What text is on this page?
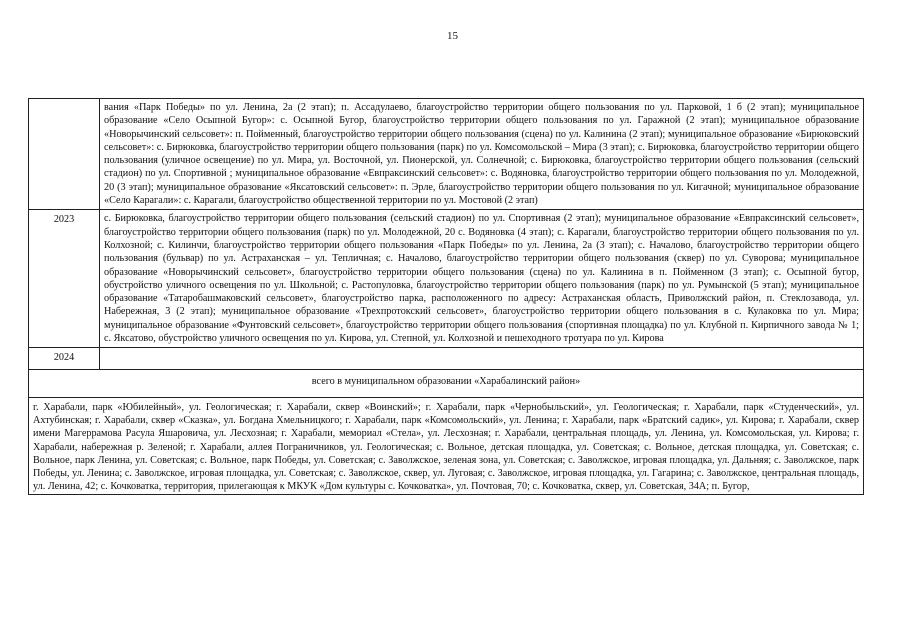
15
	вания «Парк Победы» по ул. Ленина, 2а (2 этап); п. Ассадулаево, благоустройство территории общего пользования по ул. Парковой, 1 б (2 этап); муниципальное образование «Село Осыпной Бугор»: с. Осыпной Бугор, благоустройство территории общего пользования по ул. Гаражной (2 этап); муниципальное образование «Новорычинский сельсовет»: п. Пойменный, благоустройство территории общего пользования (сцена) по ул. Калинина (2 этап); муниципальное образование «Бирюковский сельсовет»: с. Бирюковка, благоустройство территории общего пользования (парк) по ул. Комсомольской – Мира (3 этап); с. Бирюковка, благоустройство территории общего пользования (уличное освещение) по ул. Мира, ул. Восточной, ул. Пионерской, ул. Солнечной; с. Бирюковка, благоустройство территории общего пользования (сельский стадион) по ул. Спортивной ; муниципальное образование «Евпраксинский сельсовет»: с. Водяновка, благоустройство территории общего пользования по ул. Молодежной, 20 (3 этап); муниципальное образование «Яксатовский сельсовет»: п. Эрле, благоустройство территории общего пользования по ул. Кигачной; муниципальное образование «Село Карагали»: с. Карагали, благоустройство общественной территории по ул. Мостовой (2 этап)
2023	с. Бирюковка, благоустройство территории общего пользования (сельский стадион) по ул. Спортивная (2 этап); муниципальное образование «Евпраксинский сельсовет», благоустройство территории общего пользования (парк) по ул. Молодежной, 20 с. Водяновка (4 этап); с. Карагали, благоустройство территории общего пользования по ул. Колхозной; с. Килинчи, благоустройство территории общего пользования «Парк Победы» по ул. Ленина, 2а (3 этап); с. Началово, благоустройство территории общего пользования (бульвар) по ул. Астраханская – ул. Тепличная; с. Началово, благоустройство территории общего пользования (сквер) по ул. Суворова; муниципальное образование «Новорычинский сельсовет», благоустройство территории общего пользования (сцена) по ул. Калинина в п. Пойменном (3 этап); с. Осыпной бугор, обустройство уличного освещения по ул. Школьной; с. Растопуловка, благоустройство территории общего пользования (парк) по ул. Румынской (5 этап); муниципальное образование «Татаробашмаковский сельсовет», благоустройство парка, расположенного по адресу: Астраханская область, Приволжский район, п. Стеклозавода, ул. Набережная, 3 (2 этап); муниципальное образование «Трехпротокский сельсовет», благоустройство территории общего пользования в с. Кулаковка по ул. Мира; муниципальное образование «Фунтовский сельсовет», благоустройство территории общего пользования (спортивная площадка) по ул. Клубной п. Кирпичного завода № 1; с. Яксатово, обустройство уличного освещения по ул. Кирова, ул. Степной, ул. Колхозной и пешеходного тротуара по ул. Кирова
2024	
всего в муниципальном образовании «Харабалинский район»	
г. Харабали, парк «Юбилейный», ул. Геологическая; г. Харабали, сквер «Воинский»; г. Харабали, парк «Чернобыльский», ул. Геологическая; г. Харабали, парк «Студенческий», ул. Ахтубинская; г. Харабали, сквер «Сказка», ул. Богдана Хмельницкого; г. Харабали, парк «Комсомольский», ул. Ленина; г. Харабали, парк «Братский садик», ул. Кирова; г. Харабали, сквер имени Магеррамова Расула Яшаровича, ул. Лесхозная; г. Харабали, мемориал «Стела», ул. Лесхозная; г. Харабали, центральная площадь, ул. Ленина, ул. Комсомольская, ул. Кирова; г. Харабали, набережная р. Зеленой; г. Харабали, аллея Пограничников, ул. Геологическая; с. Вольное, детская площадка, ул. Советская; с. Вольное, детская площадка, ул. Советская; с. Вольное, парк Ленина, ул. Советская; с. Вольное, парк Победы, ул. Советская; с. Заволжское, зеленая зона, ул. Советская; с. Заволжское, игровая площадка, ул. Дальняя; с. Заволжское, парк Победы, ул. Ленина; с. Заволжское, игровая площадка, ул. Советская; с. Заволжское, сквер, ул. Луговая; с. Заволжское, игровая площадка, ул. Гагарина; с. Заволжское, центральная площадь, ул. Ленина, 42; с. Кочковатка, территория, прилегающая к МКУК «Дом культуры с. Кочковатка», ул. Почтовая, 70; с. Кочковатка, сквер, ул. Советская, 34А; п. Бугор,	
